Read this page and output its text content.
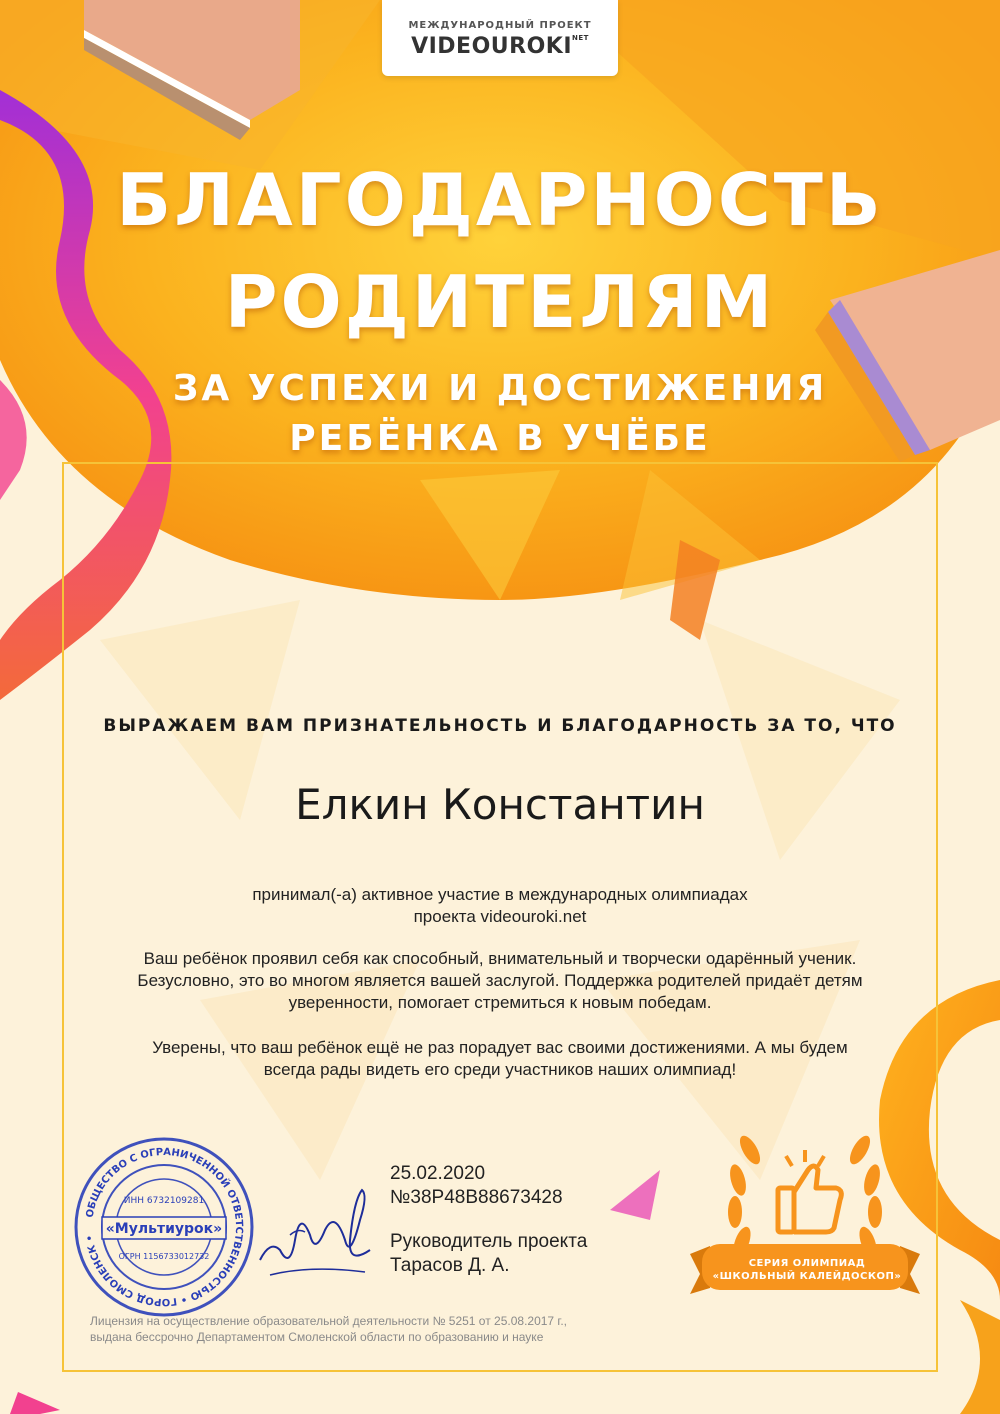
МЕЖДУНАРОДНЫЙ ПРОЕКТ
$VIDEOUROKI^{NET}$
БЛАГОДАРНОСТЬ
РОДИТЕЛЯМ
ЗА УСПЕХИ И ДОСТИЖЕНИЯ
РЕБЁНКА В УЧЁБЕ
ВЫРАЖАЕМ ВАМ ПРИЗНАТЕЛЬНОСТЬ И БЛАГОДАРНОСТЬ ЗА ТО, ЧТО
Елкин Константин
принимал(-а) активное участие в международных олимпиадах
проекта videouroki.net
Ваш ребёнок проявил себя как способный, внимательный и творчески одарённый ученик.
Безусловно, это во многом является вашей заслугой. Поддержка родителей придаёт детям
уверенности, помогает стремиться к новым победам.
Уверены, что ваш ребёнок ещё не раз порадует вас своими достижениями. А мы будем
всегда рады видеть его среди участников наших олимпиад!
25.02.2020
№38P48B88673428
Руководитель проекта
Тарасов Д. А.
Лицензия на осуществление образовательной деятельности № 5251 от 25.08.2017 г.,
выдана бессрочно Департаментом Смоленской области по образованию и науке
ОБЩЕСТВО С ОГРАНИЧЕННОЙ ОТВЕТСТВЕННОСТЬЮ • ГОРОД СМОЛЕНСК •
ИНН 6732109281
«Мультиурок»
ОГРН 1156733012732
СЕРИЯ ОЛИМПИАД
«ШКОЛЬНЫЙ КАЛЕЙДОСКОП»
